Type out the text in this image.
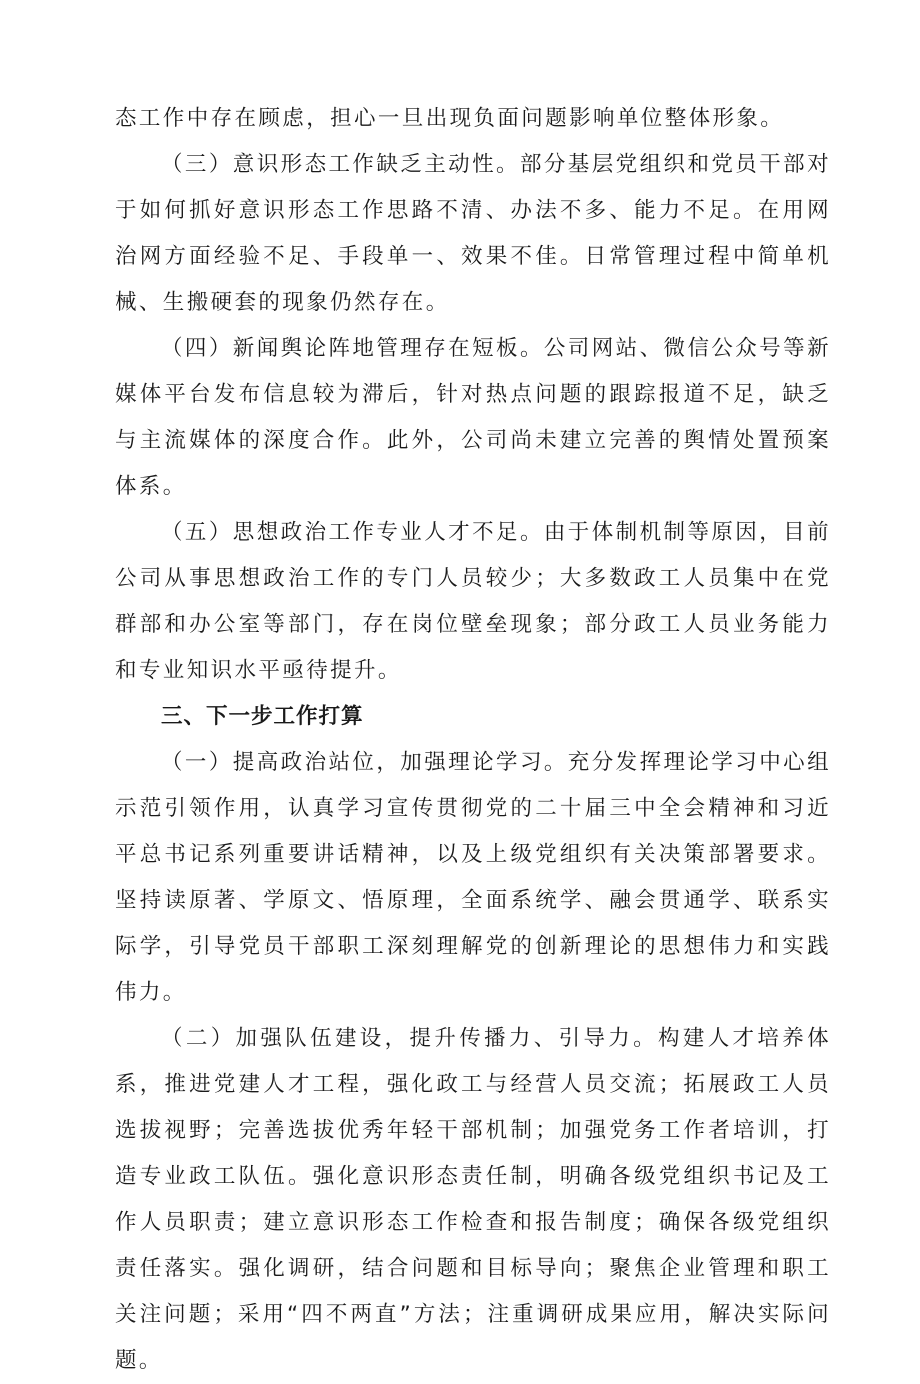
态工作中存在顾虑，担心一旦出现负面问题影响单位整体形象。

（三）意识形态工作缺乏主动性。部分基层党组织和党员干部对于如何抓好意识形态工作思路不清、办法不多、能力不足。在用网治网方面经验不足、手段单一、效果不佳。日常管理过程中简单机械、生搬硬套的现象仍然存在。

（四）新闻舆论阵地管理存在短板。公司网站、微信公众号等新媒体平台发布信息较为滞后，针对热点问题的跟踪报道不足，缺乏与主流媒体的深度合作。此外，公司尚未建立完善的舆情处置预案体系。

（五）思想政治工作专业人才不足。由于体制机制等原因，目前公司从事思想政治工作的专门人员较少；大多数政工人员集中在党群部和办公室等部门，存在岗位壁垒现象；部分政工人员业务能力和专业知识水平亟待提升。

三、下一步工作打算

（一）提高政治站位，加强理论学习。充分发挥理论学习中心组示范引领作用，认真学习宣传贯彻党的二十届三中全会精神和习近平总书记系列重要讲话精神，以及上级党组织有关决策部署要求。坚持读原著、学原文、悟原理，全面系统学、融会贯通学、联系实际学，引导党员干部职工深刻理解党的创新理论的思想伟力和实践伟力。

（二）加强队伍建设，提升传播力、引导力。构建人才培养体系，推进党建人才工程，强化政工与经营人员交流；拓展政工人员选拔视野；完善选拔优秀年轻干部机制；加强党务工作者培训，打造专业政工队伍。强化意识形态责任制，明确各级党组织书记及工作人员职责；建立意识形态工作检查和报告制度；确保各级党组织责任落实。强化调研，结合问题和目标导向；聚焦企业管理和职工关注问题；采用“四不两直”方法；注重调研成果应用，解决实际问题。
